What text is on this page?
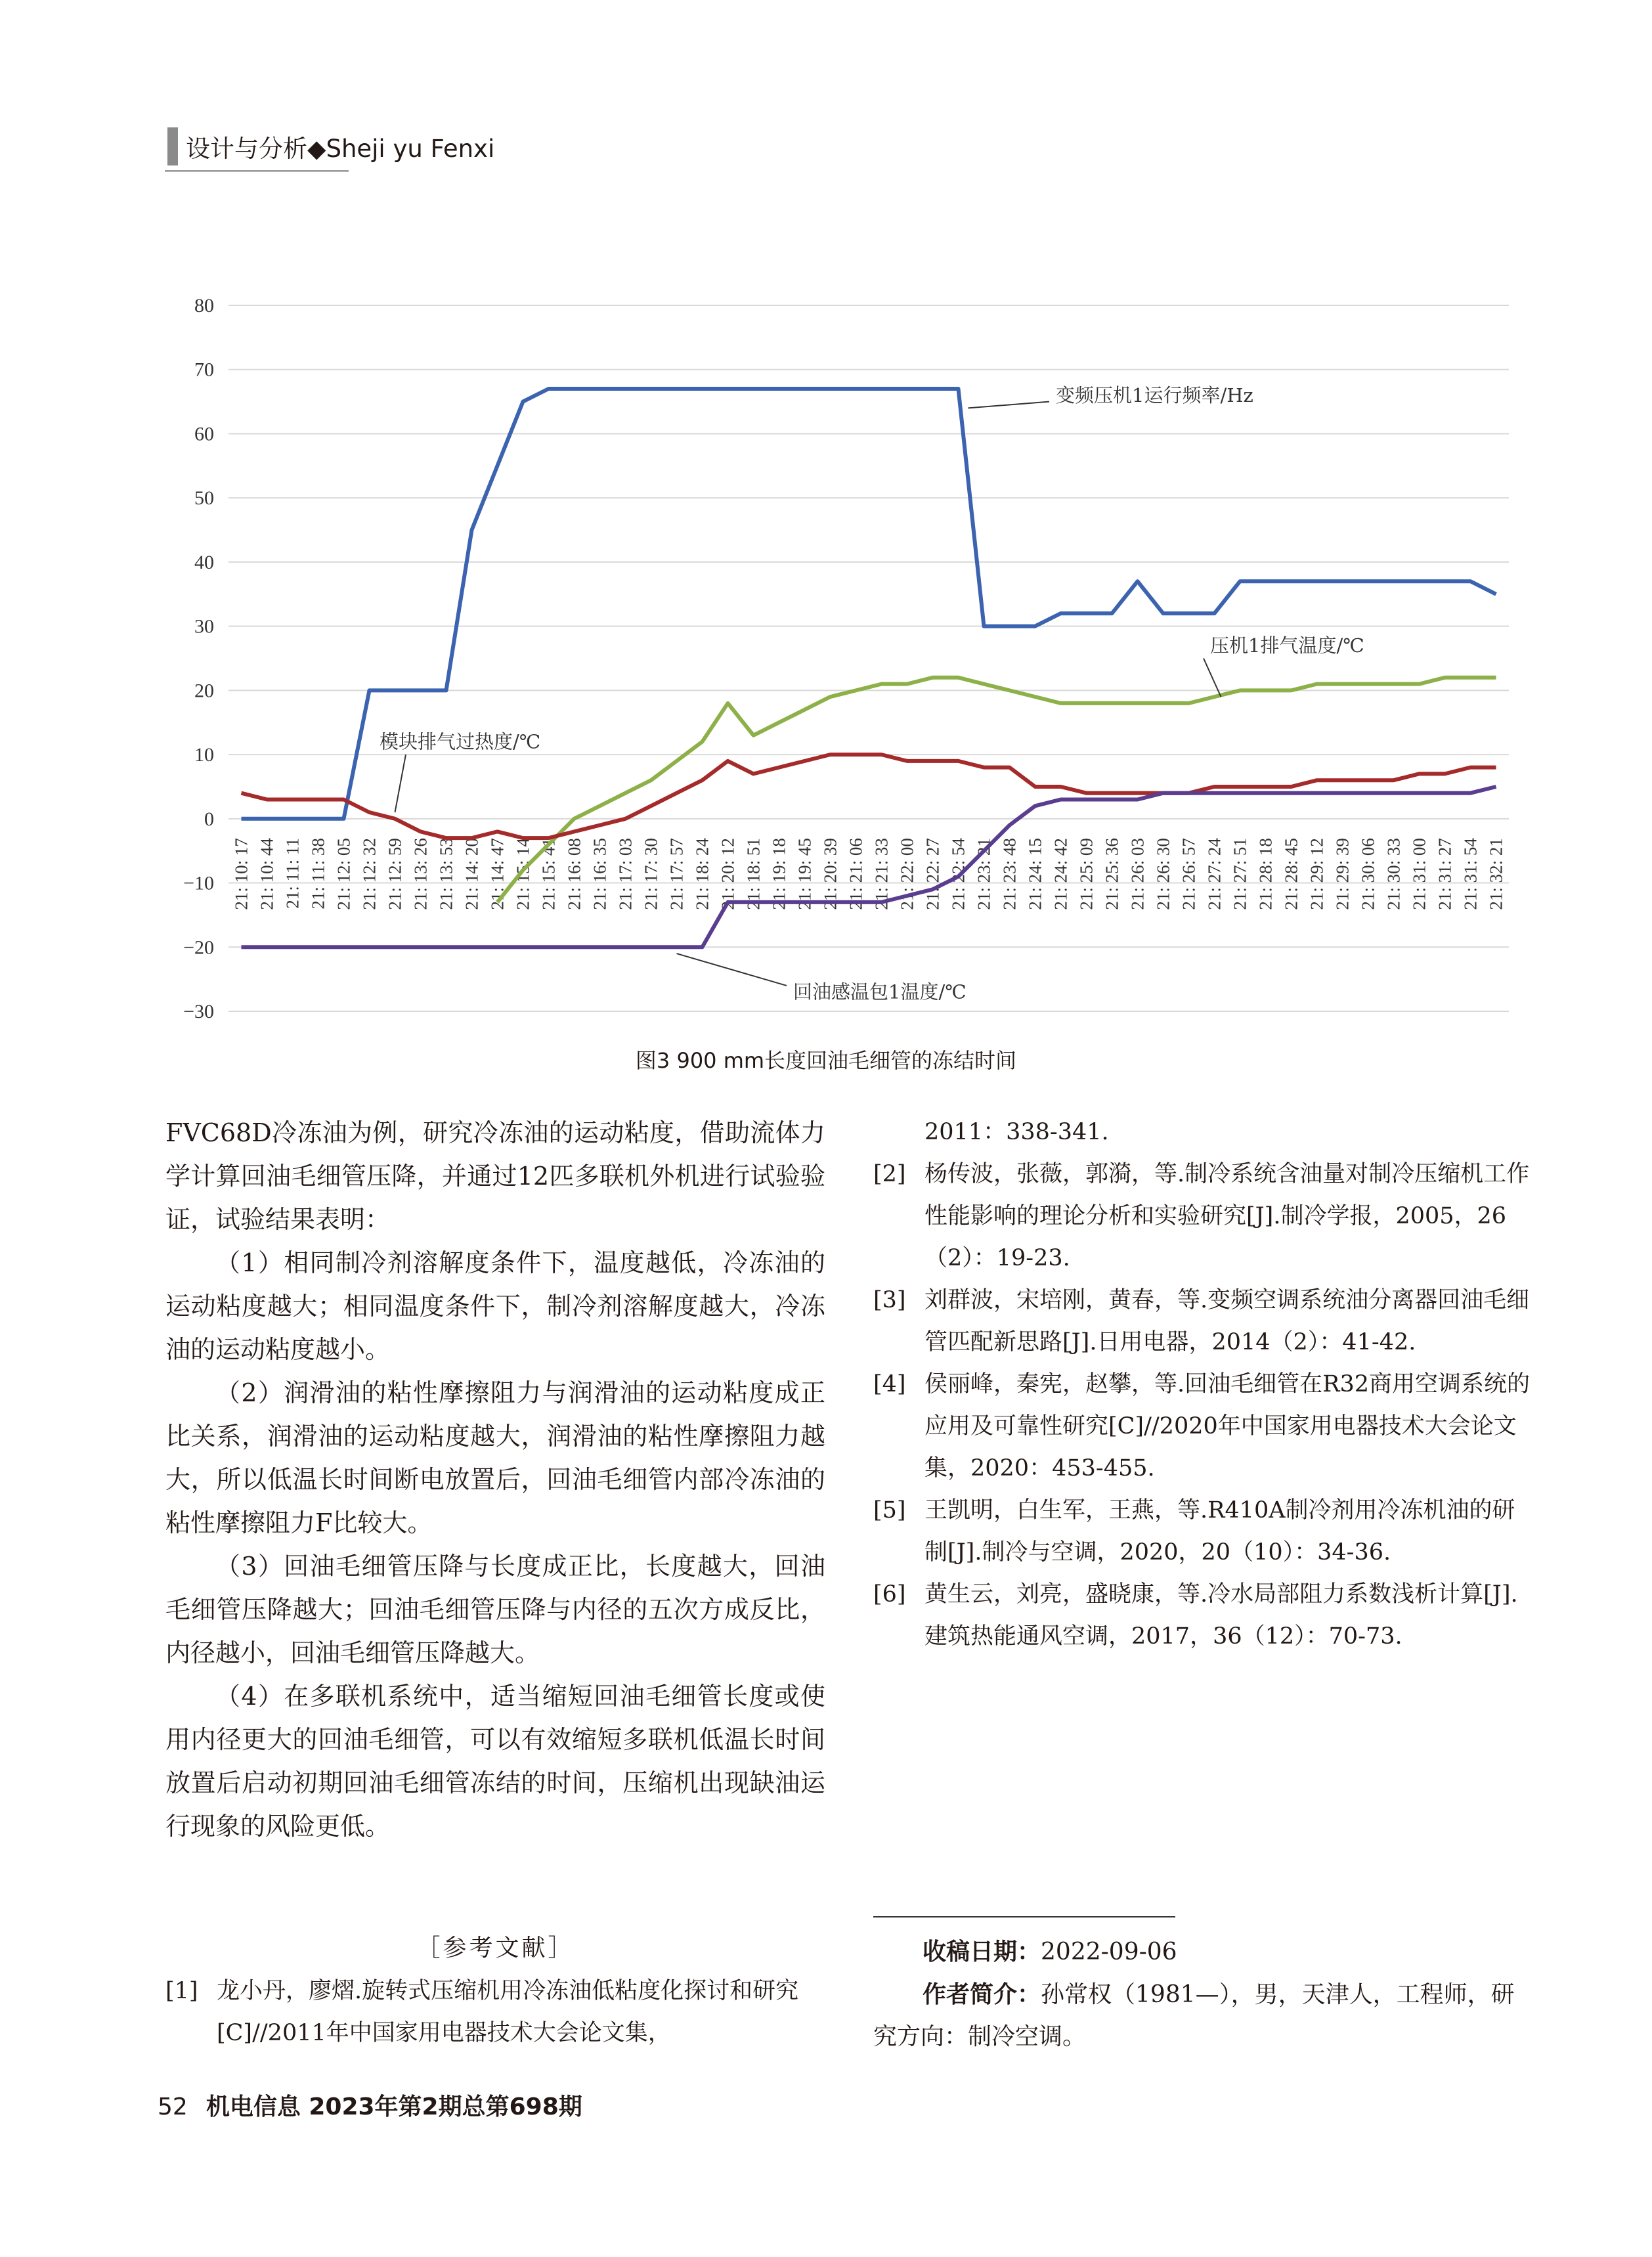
设计与分析◆Sheji yu Fenxi
80
70
60
50
40
30
20
10
0
−10
−20
−30
21: 10: 17 21: 10: 44 21: 11: 11 21: 11: 38 21: 12: 05 21: 12: 32 21: 12: 59 21: 13: 26 21: 13: 53 21: 14: 20 21: 14: 47 21: 15: 14 21: 15: 41 21: 16: 08 21: 16: 35 21: 17: 03 21: 17: 30 21: 17: 57 21: 18: 24 21: 20: 12 21: 18: 51 21: 19: 18 21: 19: 45 21: 20: 39 21: 21: 06 21: 21: 33 21: 22: 00 21: 22: 27 21: 22: 54 21: 23: 21 21: 23: 48 21: 24: 15 21: 24: 42 21: 25: 09 21: 25: 36 21: 26: 03 21: 26: 30 21: 26: 57 21: 27: 24 21: 27: 51 21: 28: 18 21: 28: 45 21: 29: 12 21: 29: 39 21: 30: 06 21: 30: 33 21: 31: 00 21: 31: 27 21: 31: 54 21: 32: 21
变频压机1运行频率/Hz
压机1排气温度/℃
模块排气过热度/℃
回油感温包1温度/℃
图3 900 mm长度回油毛细管的冻结时间

FVC68D冷冻油为例，研究冷冻油的运动粘度，借助流体力学计算回油毛细管压降，并通过12匹多联机外机进行试验验证，试验结果表明：

（1）相同制冷剂溶解度条件下，温度越低，冷冻油的运动粘度越大；相同温度条件下，制冷剂溶解度越大，冷冻油的运动粘度越小。

（2）润滑油的粘性摩擦阻力与润滑油的运动粘度成正比关系，润滑油的运动粘度越大，润滑油的粘性摩擦阻力越大，所以低温长时间断电放置后，回油毛细管内部冷冻油的粘性摩擦阻力F比较大。

（3）回油毛细管压降与长度成正比，长度越大，回油毛细管压降越大；回油毛细管压降与内径的五次方成反比，内径越小，回油毛细管压降越大。

（4）在多联机系统中，适当缩短回油毛细管长度或使用内径更大的回油毛细管，可以有效缩短多联机低温长时间放置后启动初期回油毛细管冻结的时间，压缩机出现缺油运行现象的风险更低。

［参考文献］
[1] 龙小丹，廖熠.旋转式压缩机用冷冻油低粘度化探讨和研究[C]//2011年中国家用电器技术大会论文集，
2011：338-341.
[2] 杨传波，张薇，郭漪，等.制冷系统含油量对制冷压缩机工作性能影响的理论分析和实验研究[J].制冷学报，2005，26（2）：19-23.
[3] 刘群波，宋培刚，黄春，等.变频空调系统油分离器回油毛细管匹配新思路[J].日用电器，2014（2）：41-42.
[4] 侯丽峰，秦宪，赵攀，等.回油毛细管在R32商用空调系统的应用及可靠性研究[C]//2020年中国家用电器技术大会论文集，2020：453-455.
[5] 王凯明，白生军，王燕，等.R410A制冷剂用冷冻机油的研制[J].制冷与空调，2020，20（10）：34-36.
[6] 黄生云，刘亮，盛晓康，等.冷水局部阻力系数浅析计算[J].建筑热能通风空调，2017，36（12）：70-73.
收稿日期：2022-09-06
作者简介：孙常权（1981—），男，天津人，工程师，研究方向：制冷空调。
52 机电信息 2023年第2期总第698期
